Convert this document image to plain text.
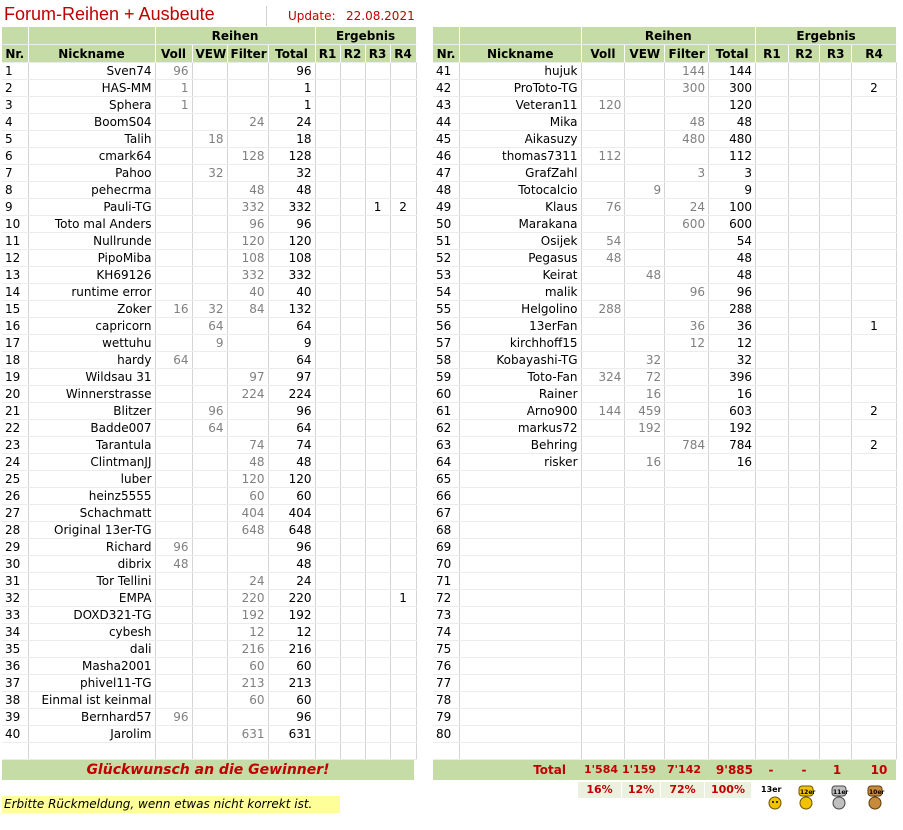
Forum-Reihen + Ausbeute	Update: 22.08.2021
		Reihen				Ergebnis			
Nr.	Nickname	Voll	VEW	Filter	Total	R1	R2	R3	R4
1	Sven74	96			96				
2	HAS-MM	1			1				
3	Sphera	1			1				
4	BoomS04			24	24				
5	Talih		18		18				
6	cmark64			128	128				
7	Pahoo		32		32				
8	pehecrma			48	48				
9	Pauli-TG			332	332			1	2
10	Toto mal Anders			96	96				
11	Nullrunde			120	120				
12	PipoMiba			108	108				
13	KH69126			332	332				
14	runtime error			40	40				
15	Zoker	16	32	84	132				
16	capricorn		64		64				
17	wettuhu		9		9				
18	hardy	64			64				
19	Wildsau 31			97	97				
20	Winnerstrasse			224	224				
21	Blitzer		96		96				
22	Badde007		64		64				
23	Tarantula			74	74				
24	ClintmanJJ			48	48				
25	luber			120	120				
26	heinz5555			60	60				
27	Schachmatt			404	404				
28	Original 13er-TG			648	648				
29	Richard	96			96				
30	dibrix	48			48				
31	Tor Tellini			24	24				
32	EMPA			220	220				1
33	DOXD321-TG			192	192				
34	cybesh			12	12				
35	dali			216	216				
36	Masha2001			60	60				
37	phivel11-TG			213	213				
38	Einmal ist keinmal			60	60				
39	Bernhard57	96			96				
40	Jarolim			631	631				

		Reihen				Ergebnis			
Nr.	Nickname	Voll	VEW	Filter	Total	R1	R2	R3	R4
41	hujuk			144	144				
42	ProToto-TG			300	300				2
43	Veteran11	120			120				
44	Mika			48	48				
45	Aikasuzy			480	480				
46	thomas7311	112			112				
47	GrafZahl			3	3				
48	Totocalcio		9		9				
49	Klaus	76		24	100				
50	Marakana			600	600				
51	Osijek	54			54				
52	Pegasus	48			48				
53	Keirat		48		48				
54	malik			96	96				
55	Helgolino	288			288				
56	13erFan			36	36				1
57	kirchhoff15			12	12				
58	Kobayashi-TG		32		32				
59	Toto-Fan	324	72		396				
60	Rainer		16		16				
61	Arno900	144	459		603				2
62	markus72		192		192				
63	Behring			784	784				2
64	risker		16		16				
65									
66									
67									
68									
69									
70									
71									
72									
73									
74									
75									
76									
77									
78									
79									
80									

Glückwunsch an die Gewinner!	Total	1'584 1'159	7'142	9'885	-	-	1	10
16%	12%	72%	100%
Erbitte Rückmeldung, wenn etwas nicht korrekt ist.
13er	12er	11er	10er
